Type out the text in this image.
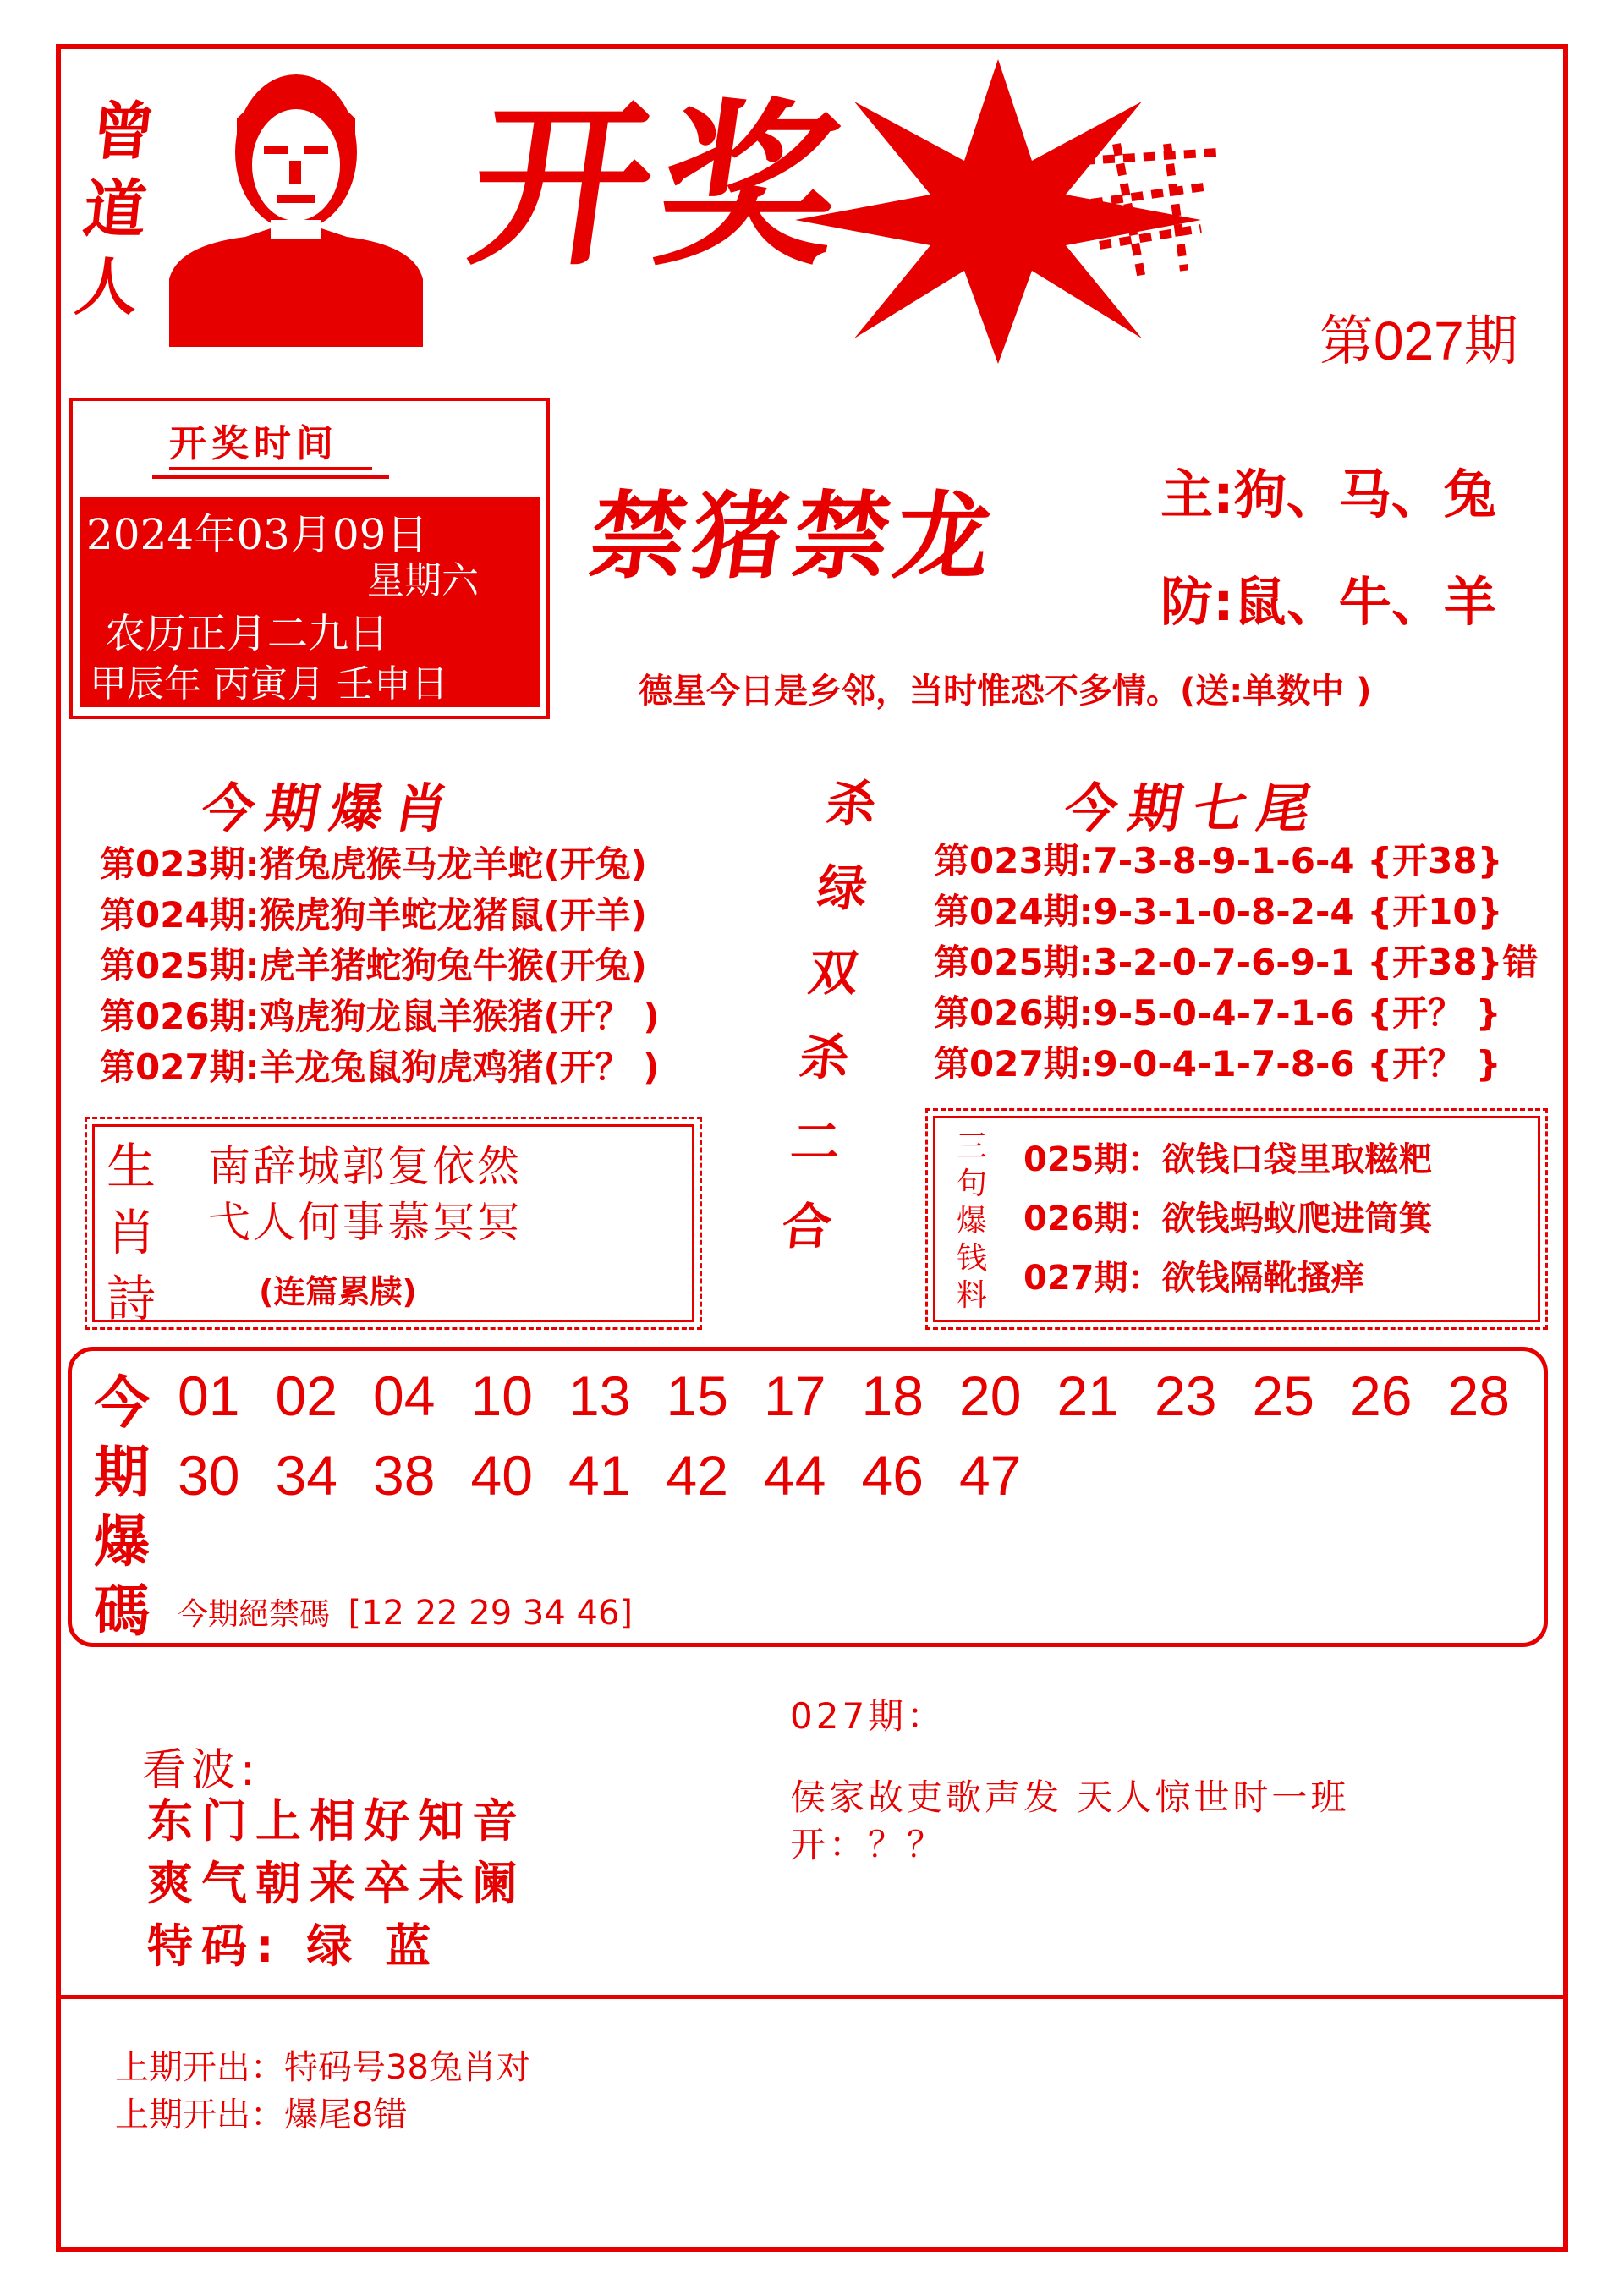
曾
道
人 开奖
第027期
开奖时间
2024年03月09日
星期六
农历正月二九日
甲辰年 丙寅月 壬申日
禁猪禁龙	主:狗、马、兔
防:鼠、牛、羊
德星今日是乡邻，当时惟恐不多情。(送:单数中 )
今期爆肖
第023期:猪兔虎猴马龙羊蛇(开兔)
第024期:猴虎狗羊蛇龙猪鼠(开羊)
第025期:虎羊猪蛇狗兔牛猴(开兔)
第026期:鸡虎狗龙鼠羊猴猪(开？ )
第027期:羊龙兔鼠狗虎鸡猪(开？ )
杀
绿
双
杀
二
合
今期七尾
第023期:7-3-8-9-1-6-4 {开38}
第024期:9-3-1-0-8-2-4 {开10}
第025期:3-2-0-7-6-9-1 {开38}错
第026期:9-5-0-4-7-1-6 {开？ }
第027期:9-0-4-1-7-8-6 {开？ }
生
肖
詩
南辞城郭复依然
弋人何事慕冥冥
(连篇累牍)
三
句
爆
钱
料
025期：欲钱口袋里取糍粑
026期：欲钱蚂蚁爬进筒箕
027期：欲钱隔靴搔痒
今
期
爆
碼
01 02 04 10 13 15 17 18 20 21 23 25 26 28
30 34 38 40 41 42 44 46 47
今期絕禁碼 [12 22 29 34 46]
看波:
东门上相好知音
爽气朝来卒未阑
特码: 绿 蓝
027期：
侯家故吏歌声发 天人惊世时一班
开：？？
上期开出：特码号38兔肖对
上期开出：爆尾8错
